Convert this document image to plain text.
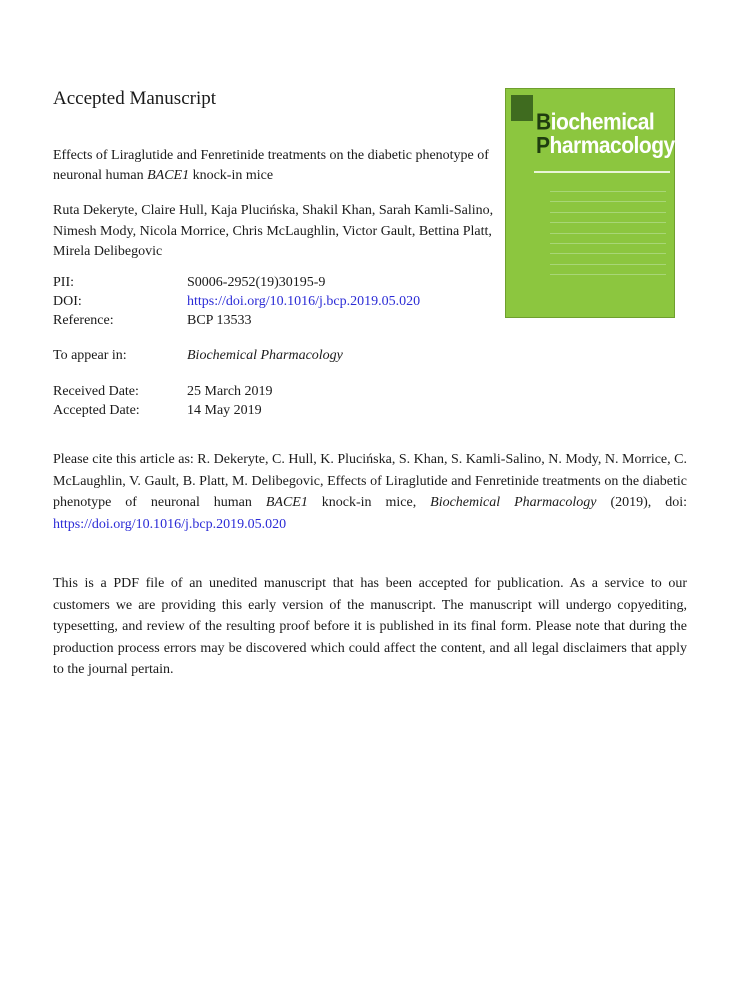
Accepted Manuscript
Effects of Liraglutide and Fenretinide treatments on the diabetic phenotype of neuronal human BACE1 knock-in mice
Ruta Dekeryte, Claire Hull, Kaja Plucińska, Shakil Khan, Sarah Kamli-Salino, Nimesh Mody, Nicola Morrice, Chris McLaughlin, Victor Gault, Bettina Platt, Mirela Delibegovic
PII:	S0006-2952(19)30195-9
DOI:	https://doi.org/10.1016/j.bcp.2019.05.020
Reference:	BCP 13533
To appear in:	Biochemical Pharmacology
Received Date:	25 March 2019
Accepted Date:	14 May 2019
Please cite this article as: R. Dekeryte, C. Hull, K. Plucińska, S. Khan, S. Kamli-Salino, N. Mody, N. Morrice, C. McLaughlin, V. Gault, B. Platt, M. Delibegovic, Effects of Liraglutide and Fenretinide treatments on the diabetic phenotype of neuronal human BACE1 knock-in mice, Biochemical Pharmacology (2019), doi: https://doi.org/10.1016/j.bcp.2019.05.020
This is a PDF file of an unedited manuscript that has been accepted for publication. As a service to our customers we are providing this early version of the manuscript. The manuscript will undergo copyediting, typesetting, and review of the resulting proof before it is published in its final form. Please note that during the production process errors may be discovered which could affect the content, and all legal disclaimers that apply to the journal pertain.
Biochemical
Pharmacology
